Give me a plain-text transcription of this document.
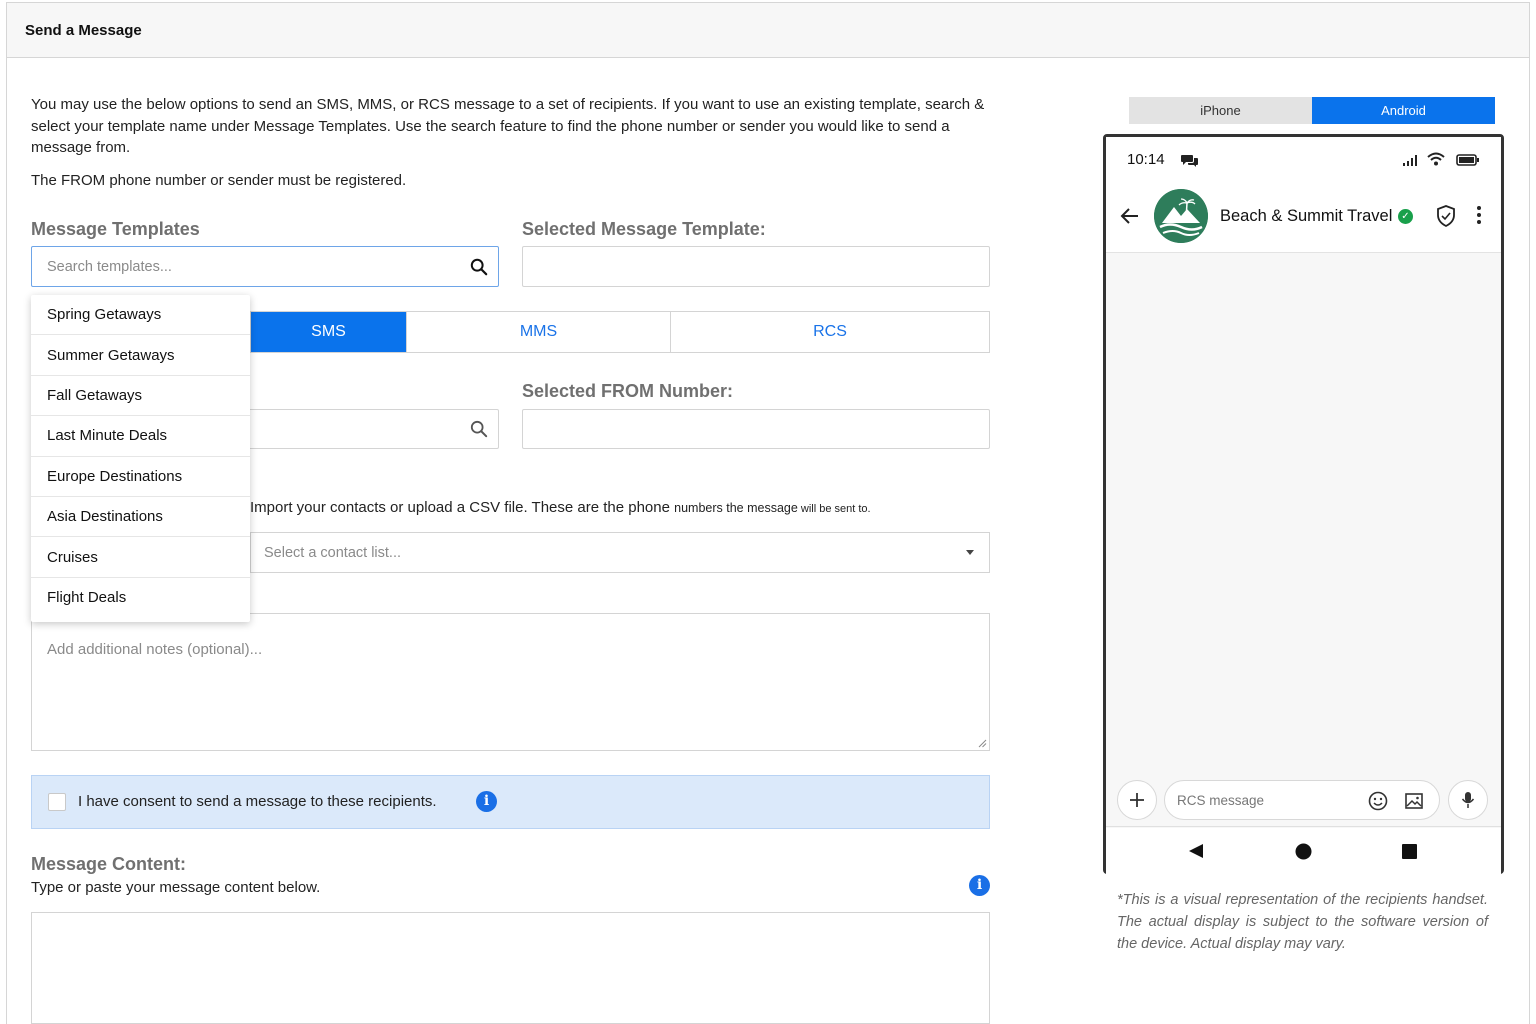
Send a Message
You may use the below options to send an SMS, MMS, or RCS message to a set of recipients. If you want to use an existing template, search & select your template name under Message Templates. Use the search feature to find the phone number or sender you would like to send a message from.
The FROM phone number or sender must be registered.
Message Templates
Search templates...
Selected Message Template:
SMS	MMS	RCS
Selected FROM Number:
Import your contacts or upload a CSV file. These are the phone numbers the message will be sent to.
Select a contact list...
Add additional notes (optional)...
I have consent to send a message to these recipients.	i
Message Content:
Type or paste your message content below.	i
Spring Getaways
Summer Getaways
Fall Getaways
Last Minute Deals
Europe Destinations
Asia Destinations
Cruises
Flight Deals
iPhone	Android
10:14
Beach & Summit Travel ✓
RCS message
*This is a visual representation of the recipients handset. The actual display is subject to the software version of the device. Actual display may vary.
